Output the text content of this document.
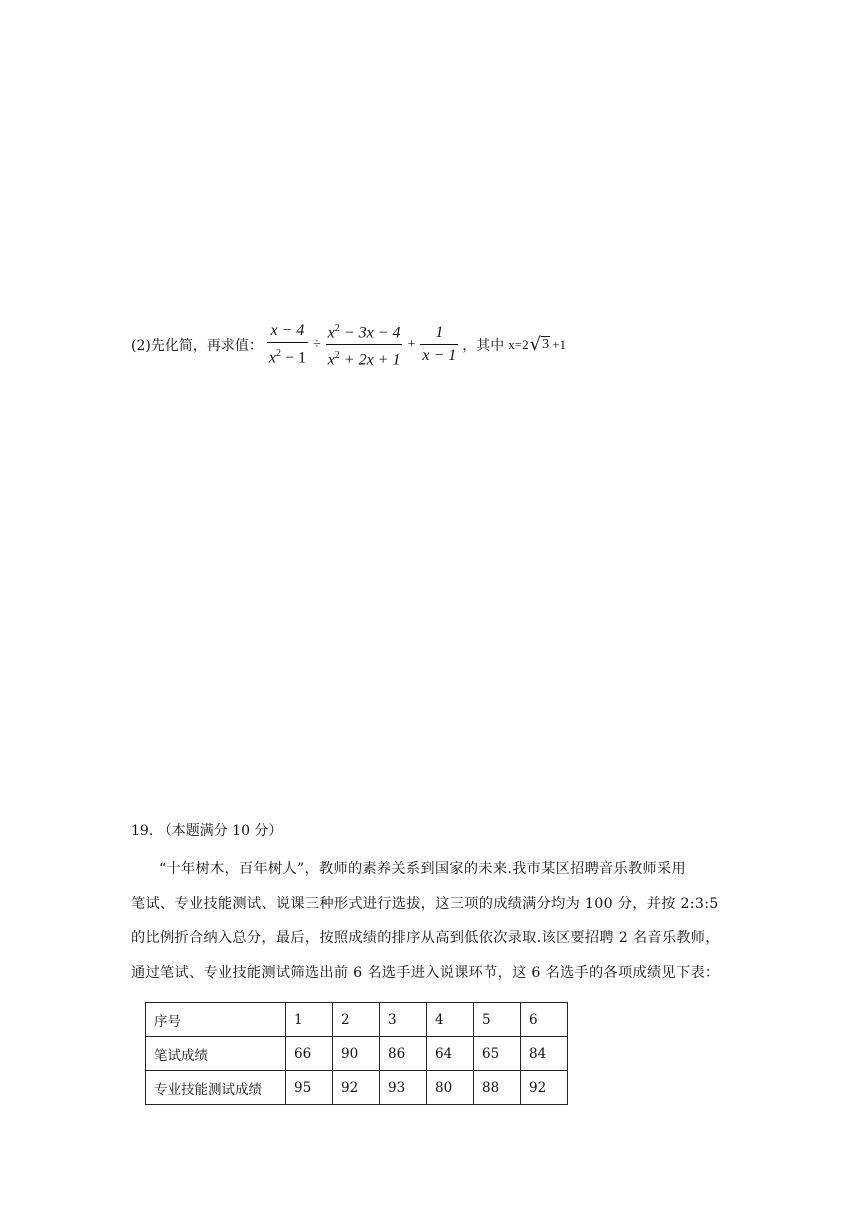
(2)先化简，再求值： $\frac{x - 4}{x^2 - 1} \div \frac{x^2 - 3x - 4}{x^2 + 2x + 1} + \frac{1}{x - 1}$ ，其中 x=2 √ 3 +1
19. （本题满分 10 分）
“十年树木，百年树人”，教师的素养关系到国家的未来.我市某区招聘音乐教师采用
笔试、专业技能测试、说课三种形式进行选拔，这三项的成绩满分均为 100 分，并按 2:3:5
的比例折合纳入总分，最后，按照成绩的排序从高到低依次录取.该区要招聘 2 名音乐教师，
通过笔试、专业技能测试筛选出前 6 名选手进入说课环节，这 6 名选手的各项成绩见下表：
序号	1	2	3	4	5	6
笔试成绩	66	90	86	64	65	84
专业技能测试成绩	95	92	93	80	88	92
